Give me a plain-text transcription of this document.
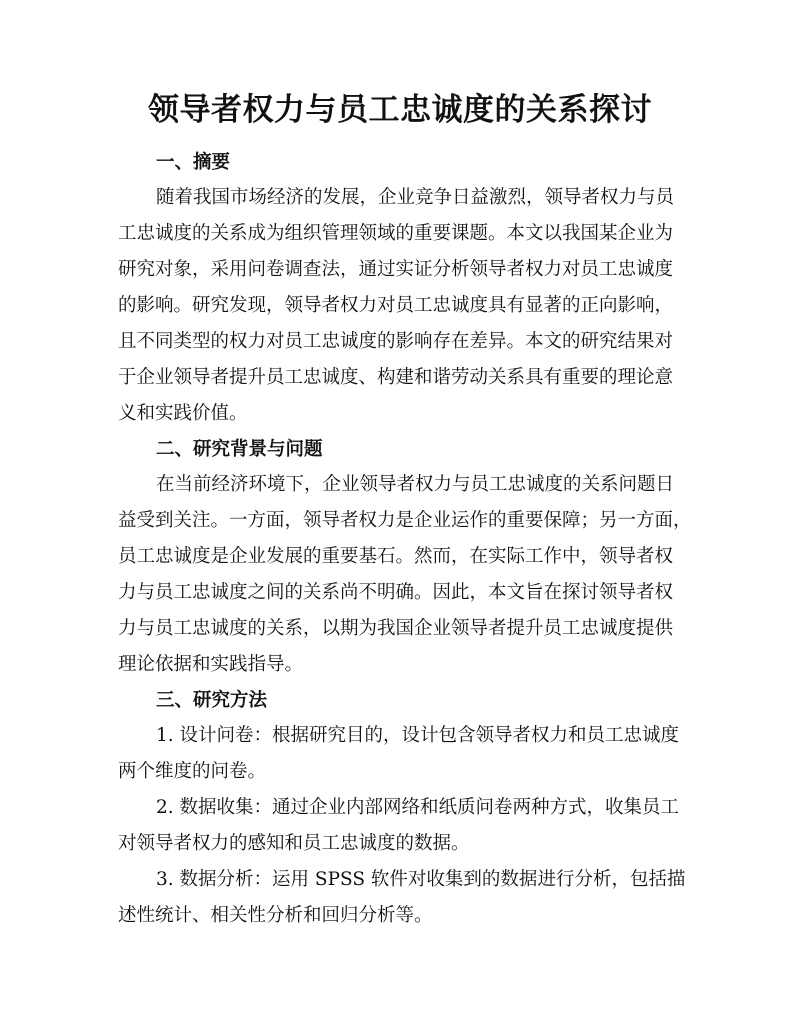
领导者权力与员工忠诚度的关系探讨
一、摘要
随着我国市场经济的发展，企业竞争日益激烈，领导者权力与员
工忠诚度的关系成为组织管理领域的重要课题。本文以我国某企业为
研究对象，采用问卷调查法，通过实证分析领导者权力对员工忠诚度
的影响。研究发现，领导者权力对员工忠诚度具有显著的正向影响，
且不同类型的权力对员工忠诚度的影响存在差异。本文的研究结果对
于企业领导者提升员工忠诚度、构建和谐劳动关系具有重要的理论意
义和实践价值。
二、研究背景与问题
在当前经济环境下，企业领导者权力与员工忠诚度的关系问题日
益受到关注。一方面，领导者权力是企业运作的重要保障；另一方面，
员工忠诚度是企业发展的重要基石。然而，在实际工作中，领导者权
力与员工忠诚度之间的关系尚不明确。因此，本文旨在探讨领导者权
力与员工忠诚度的关系，以期为我国企业领导者提升员工忠诚度提供
理论依据和实践指导。
三、研究方法
1. 设计问卷：根据研究目的，设计包含领导者权力和员工忠诚度
两个维度的问卷。
2. 数据收集：通过企业内部网络和纸质问卷两种方式，收集员工
对领导者权力的感知和员工忠诚度的数据。
3. 数据分析：运用 SPSS 软件对收集到的数据进行分析，包括描
述性统计、相关性分析和回归分析等。
